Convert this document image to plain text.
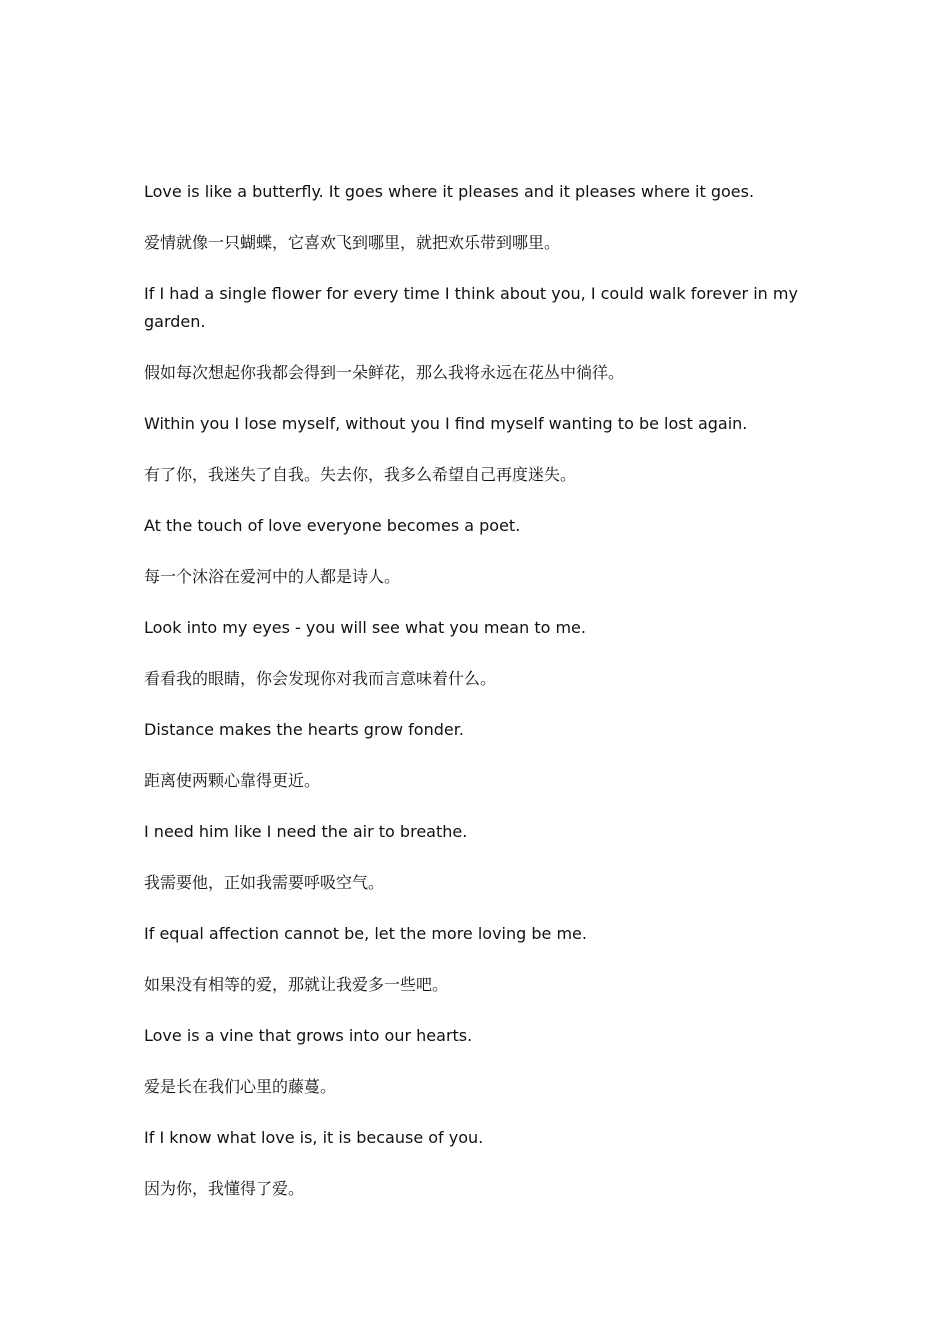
Love is like a butterfly. It goes where it pleases and it pleases where it goes.

爱情就像一只蝴蝶，它喜欢飞到哪里，就把欢乐带到哪里。

If I had a single flower for every time I think about you, I could walk forever in my garden.

假如每次想起你我都会得到一朵鲜花，那么我将永远在花丛中徜徉。

Within you I lose myself, without you I find myself wanting to be lost again.

有了你，我迷失了自我。失去你，我多么希望自己再度迷失。

At the touch of love everyone becomes a poet.

每一个沐浴在爱河中的人都是诗人。

Look into my eyes - you will see what you mean to me.

看看我的眼睛，你会发现你对我而言意味着什么。

Distance makes the hearts grow fonder.

距离使两颗心靠得更近。

I need him like I need the air to breathe.

我需要他，正如我需要呼吸空气。

If equal affection cannot be, let the more loving be me.

如果没有相等的爱，那就让我爱多一些吧。

Love is a vine that grows into our hearts.

爱是长在我们心里的藤蔓。

If I know what love is, it is because of you.

因为你，我懂得了爱。
